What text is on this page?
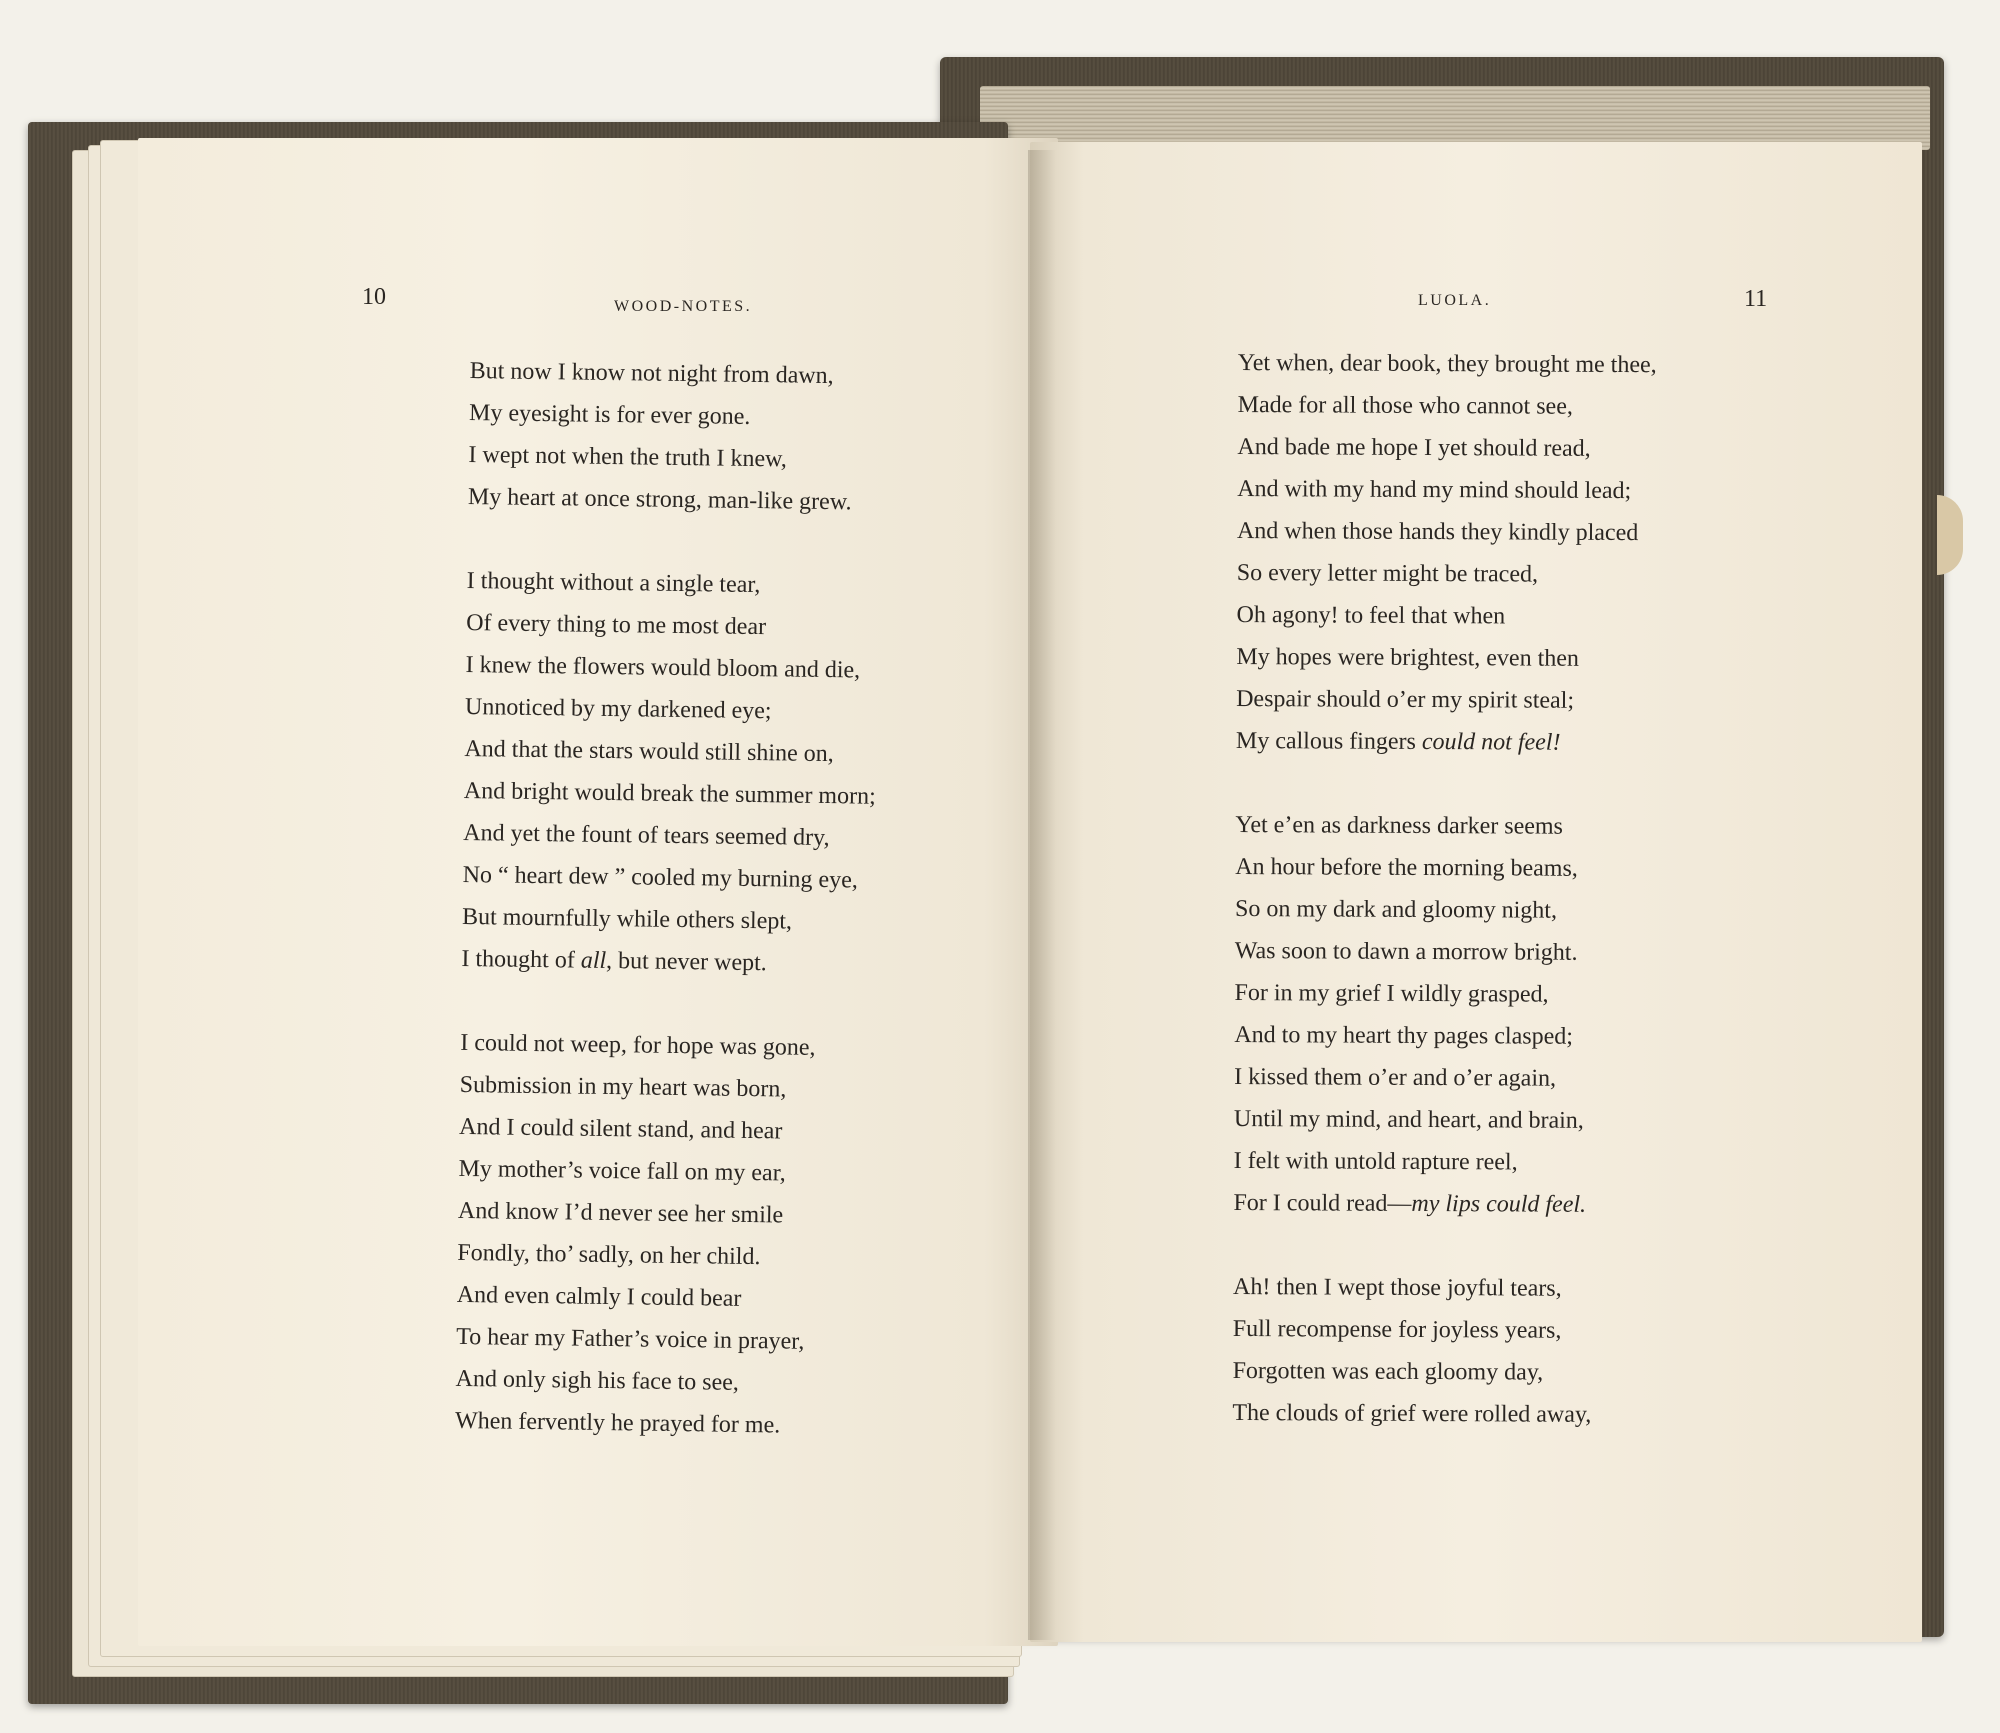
10	WOOD-NOTES.
But now I know not night from dawn,
My eyesight is for ever gone.
I wept not when the truth I knew,
My heart at once strong, man-like grew.
I thought without a single tear,
Of every thing to me most dear
I knew the flowers would bloom and die,
Unnoticed by my darkened eye;
And that the stars would still shine on,
And bright would break the summer morn;
And yet the fount of tears seemed dry,
No “ heart dew ” cooled my burning eye,
But mournfully while others slept,
I thought of all, but never wept.
I could not weep, for hope was gone,
Submission in my heart was born,
And I could silent stand, and hear
My mother’s voice fall on my ear,
And know I’d never see her smile
Fondly, tho’ sadly, on her child.
And even calmly I could bear
To hear my Father’s voice in prayer,
And only sigh his face to see,
When fervently he prayed for me.
LUOLA.	11
Yet when, dear book, they brought me thee,
Made for all those who cannot see,
And bade me hope I yet should read,
And with my hand my mind should lead;
And when those hands they kindly placed
So every letter might be traced,
Oh agony! to feel that when
My hopes were brightest, even then
Despair should o’er my spirit steal;
My callous fingers could not feel!
Yet e’en as darkness darker seems
An hour before the morning beams,
So on my dark and gloomy night,
Was soon to dawn a morrow bright.
For in my grief I wildly grasped,
And to my heart thy pages clasped;
I kissed them o’er and o’er again,
Until my mind, and heart, and brain,
I felt with untold rapture reel,
For I could read—my lips could feel.
Ah! then I wept those joyful tears,
Full recompense for joyless years,
Forgotten was each gloomy day,
The clouds of grief were rolled away,
